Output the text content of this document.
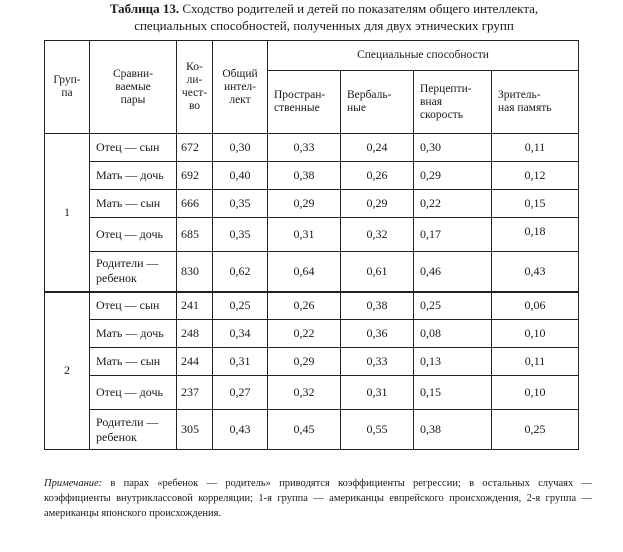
Таблица 13. Сходство родителей и детей по показателям общего интеллекта,
специальных способностей, полученных для двух этнических групп
Груп-
па	Сравни-
ваемые
пары	Ко-
ли-
чест-
во	Общий
интел-
лект	Специальные способности			

				Простран-
ственные	Вербаль-
ные	Перцепти-
вная
скорость	Зритель-
ная память

1	Отец — сын	672	0,30	0,33	0,24	0,30	0,11
	Мать — дочь	692	0,40	0,38	0,26	0,29	0,12
	Мать — сын	666	0,35	0,29	0,29	0,22	0,15
	Отец — дочь	685	0,35	0,31	0,32	0,17	0,18
	Родители —
ребенок	830	0,62	0,64	0,61	0,46	0,43
2	Отец — сын	241	0,25	0,26	0,38	0,25	0,06
	Мать — дочь	248	0,34	0,22	0,36	0,08	0,10
	Мать — сын	244	0,31	0,29	0,33	0,13	0,11
	Отец — дочь	237	0,27	0,32	0,31	0,15	0,10
	Родители —
ребенок	305	0,43	0,45	0,55	0,38	0,25
Примечание: в парах «ребенок — родитель» приводятся коэффициенты регрессии; в остальных случаях — коэффициенты внутриклассовой корреляции; 1-я группа — американцы евпрейского происхождения, 2-я группа — американцы японского происхождения.
